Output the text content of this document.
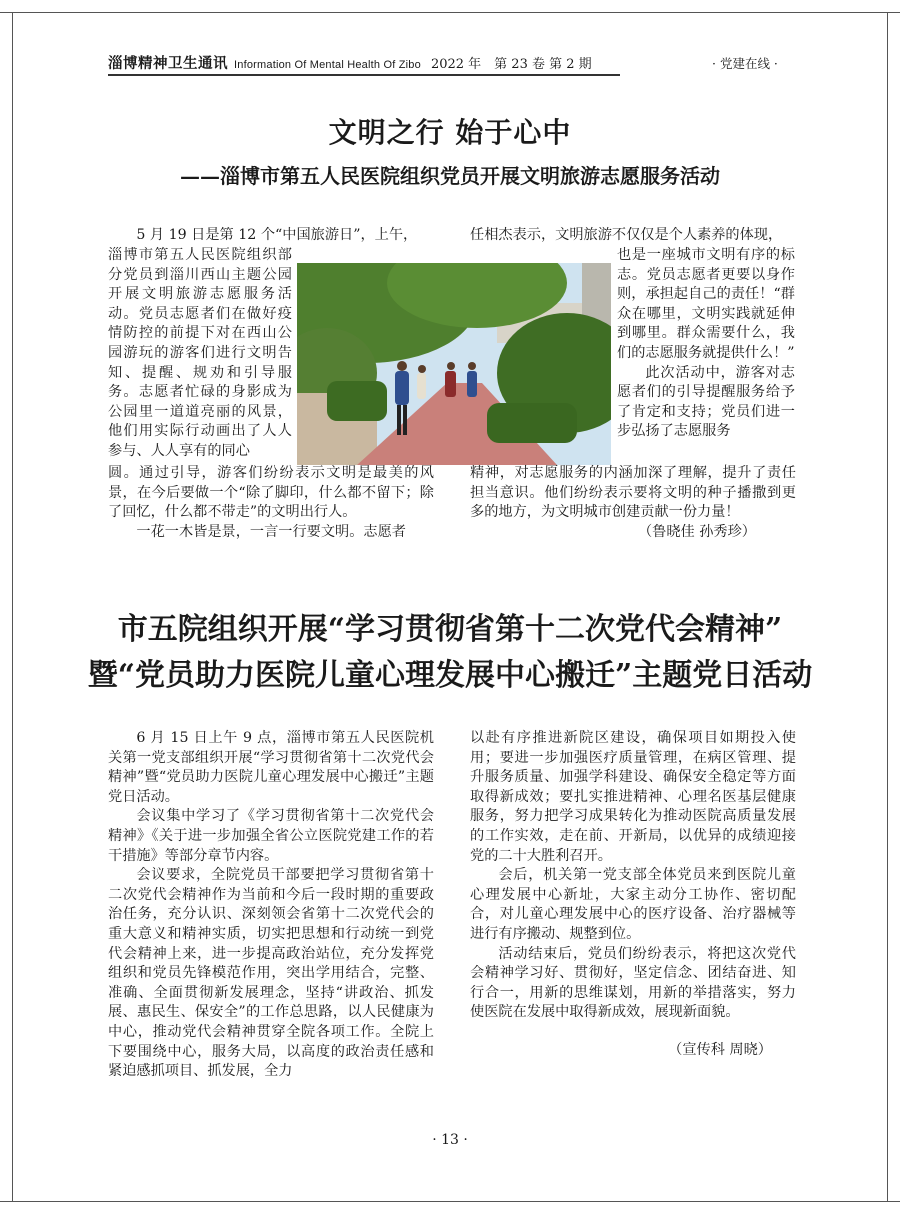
淄博精神卫生通讯 Information Of Mental Health Of Zibo 2022 年　第 23 卷 第 2 期	· 党建在线 ·
文明之行 始于心中
——淄博市第五人民医院组织党员开展文明旅游志愿服务活动

5 月 19 日是第 12 个“中国旅游日”，上午，

淄博市第五人民医院组织部分党员到淄川西山主题公园开展文明旅游志愿服务活动。党员志愿者们在做好疫情防控的前提下对在西山公园游玩的游客们进行文明告知、提醒、规劝和引导服务。志愿者忙碌的身影成为公园里一道道亮丽的风景，他们用实际行动画出了人人参与、人人享有的同心

圆。通过引导，游客们纷纷表示文明是最美的风景，在今后要做一个“除了脚印，什么都不留下；除了回忆，什么都不带走”的文明出行人。

一花一木皆是景，一言一行要文明。志愿者

任相杰表示，文明旅游不仅仅是个人素养的体现，

也是一座城市文明有序的标志。党员志愿者更要以身作则，承担起自己的责任！“群众在哪里，文明实践就延伸到哪里。群众需要什么，我们的志愿服务就提供什么！”

此次活动中，游客对志愿者们的引导提醒服务给予了肯定和支持；党员们进一步弘扬了志愿服务

精神，对志愿服务的内涵加深了理解，提升了责任担当意识。他们纷纷表示要将文明的种子播撒到更多的地方，为文明城市创建贡献一份力量！

（鲁晓佳 孙秀珍）

市五院组织开展“学习贯彻省第十二次党代会精神”
暨“党员助力医院儿童心理发展中心搬迁”主题党日活动

6 月 15 日上午 9 点，淄博市第五人民医院机关第一党支部组织开展“学习贯彻省第十二次党代会精神”暨“党员助力医院儿童心理发展中心搬迁”主题党日活动。

会议集中学习了《学习贯彻省第十二次党代会精神》《关于进一步加强全省公立医院党建工作的若干措施》等部分章节内容。

会议要求，全院党员干部要把学习贯彻省第十二次党代会精神作为当前和今后一段时期的重要政治任务，充分认识、深刻领会省第十二次党代会的重大意义和精神实质，切实把思想和行动统一到党代会精神上来，进一步提高政治站位，充分发挥党组织和党员先锋模范作用，突出学用结合，完整、准确、全面贯彻新发展理念，坚持“讲政治、抓发展、惠民生、保安全”的工作总思路，以人民健康为中心，推动党代会精神贯穿全院各项工作。全院上下要围绕中心，服务大局，以高度的政治责任感和紧迫感抓项目、抓发展，全力

以赴有序推进新院区建设，确保项目如期投入使用；要进一步加强医疗质量管理，在病区管理、提升服务质量、加强学科建设、确保安全稳定等方面取得新成效；要扎实推进精神、心理名医基层健康服务，努力把学习成果转化为推动医院高质量发展的工作实效，走在前、开新局，以优异的成绩迎接党的二十大胜利召开。

会后，机关第一党支部全体党员来到医院儿童心理发展中心新址，大家主动分工协作、密切配合，对儿童心理发展中心的医疗设备、治疗器械等进行有序搬动、规整到位。

活动结束后，党员们纷纷表示，将把这次党代会精神学习好、贯彻好，坚定信念、团结奋进、知行合一，用新的思维谋划，用新的举措落实，努力使医院在发展中取得新成效，展现新面貌。

（宣传科 周晓）

· 13 ·
